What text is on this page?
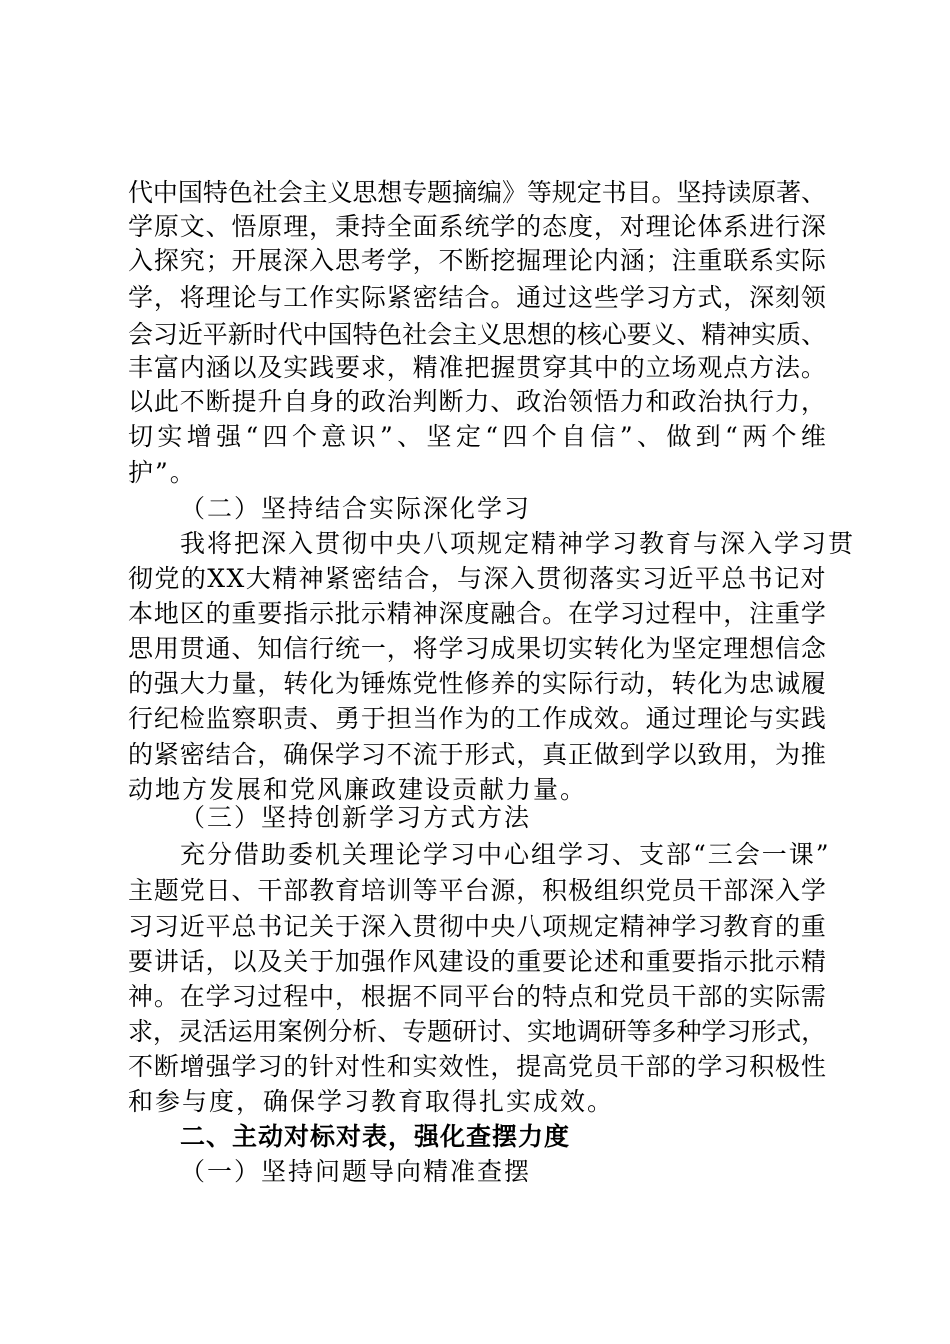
代中国特色社会主义思想专题摘编》等规定书目。坚持读原著、
学原文、悟原理，秉持全面系统学的态度，对理论体系进行深
入探究；开展深入思考学，不断挖掘理论内涵；注重联系实际
学，将理论与工作实际紧密结合。通过这些学习方式，深刻领
会习近平新时代中国特色社会主义思想的核心要义、精神实质、
丰富内涵以及实践要求，精准把握贯穿其中的立场观点方法。
以此不断提升自身的政治判断力、政治领悟力和政治执行力，
切实增强“四个意识”、坚定“四个自信”、做到“两个维
护”。
（二）坚持结合实际深化学习
我将把深入贯彻中央八项规定精神学习教育与深入学习贯
彻党的XX大精神紧密结合，与深入贯彻落实习近平总书记对
本地区的重要指示批示精神深度融合。在学习过程中，注重学
思用贯通、知信行统一，将学习成果切实转化为坚定理想信念
的强大力量，转化为锤炼党性修养的实际行动，转化为忠诚履
行纪检监察职责、勇于担当作为的工作成效。通过理论与实践
的紧密结合，确保学习不流于形式，真正做到学以致用，为推
动地方发展和党风廉政建设贡献力量。
（三）坚持创新学习方式方法
充分借助委机关理论学习中心组学习、支部“三会一课”
主题党日、干部教育培训等平台源，积极组织党员干部深入学
习习近平总书记关于深入贯彻中央八项规定精神学习教育的重
要讲话，以及关于加强作风建设的重要论述和重要指示批示精
神。在学习过程中，根据不同平台的特点和党员干部的实际需
求，灵活运用案例分析、专题研讨、实地调研等多种学习形式，
不断增强学习的针对性和实效性，提高党员干部的学习积极性
和参与度，确保学习教育取得扎实成效。
二、主动对标对表，强化查摆力度
（一）坚持问题导向精准查摆
